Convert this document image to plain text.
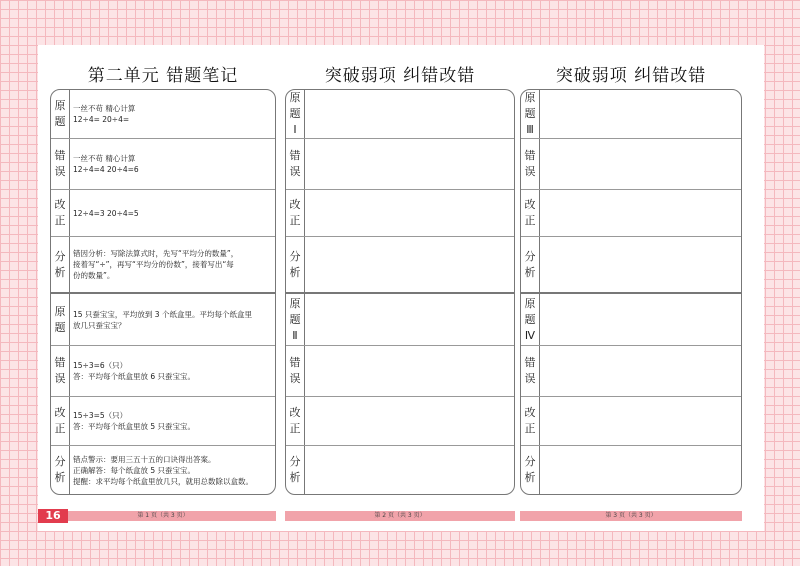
第二单元 错题笔记
原
题
一丝不苟 精心计算
12÷4= 20÷4=
错
误
一丝不苟 精心计算
12÷4=4 20÷4=6
改
正
12÷4=3 20÷4=5
分
析
错因分析：写除法算式时，先写“平均分的数量”，
接着写“÷”，再写“平均分的份数”，接着写出“每
份的数量”。
原
题
15 只蚕宝宝，平均放到 3 个纸盒里。平均每个纸盒里
放几只蚕宝宝？
错
误
15÷3=6（只）
答：平均每个纸盒里放 6 只蚕宝宝。
改
正
15÷3=5（只）
答：平均每个纸盒里放 5 只蚕宝宝。
分
析
错点警示：要用三五十五的口诀得出答案。
正确解答：每个纸盒放 5 只蚕宝宝。
提醒：求平均每个纸盒里放几只，就用总数除以盒数。
第 1 页（共 3 页）
16
突破弱项 纠错改错
原
题
Ⅰ
错
误
改
正
分
析
原
题
Ⅱ
错
误
改
正
分
析
第 2 页（共 3 页）
突破弱项 纠错改错
原
题
Ⅲ
错
误
改
正
分
析
原
题
Ⅳ
错
误
改
正
分
析
第 3 页（共 3 页）
